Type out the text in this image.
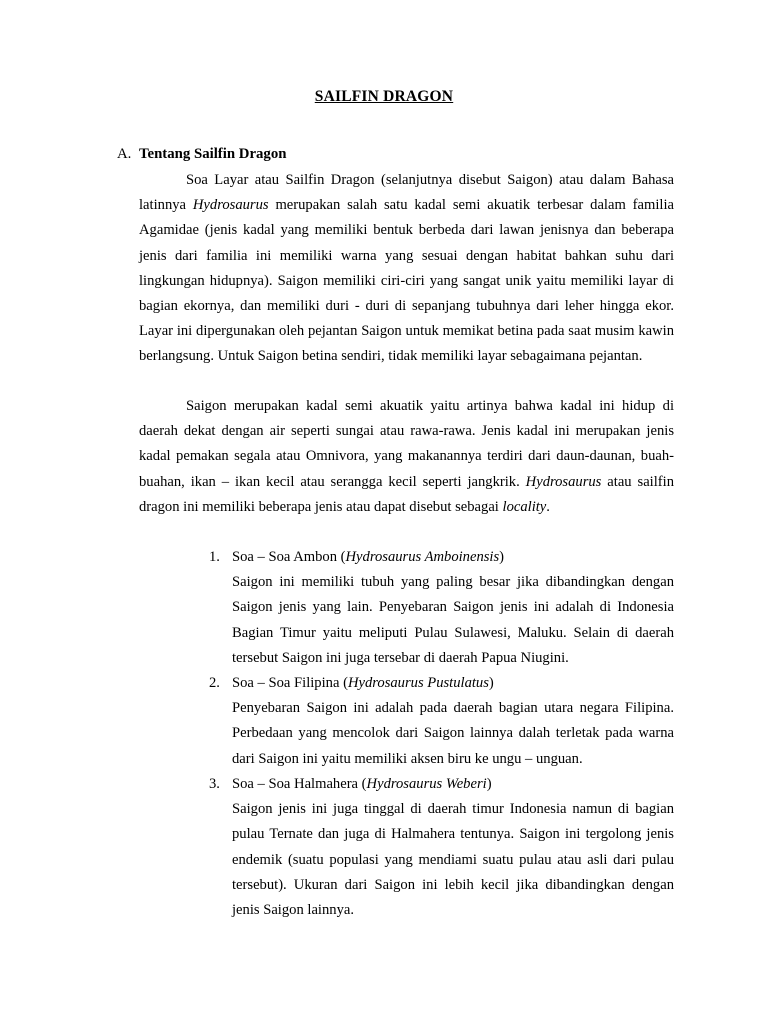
SAILFIN DRAGON
A. Tentang Sailfin Dragon
Soa Layar atau Sailfin Dragon (selanjutnya disebut Saigon) atau dalam Bahasa latinnya Hydrosaurus merupakan salah satu kadal semi akuatik terbesar dalam familia Agamidae (jenis kadal yang memiliki bentuk berbeda dari lawan jenisnya dan beberapa jenis dari familia ini memiliki warna yang sesuai dengan habitat bahkan suhu dari lingkungan hidupnya). Saigon memiliki ciri-ciri yang sangat unik yaitu memiliki layar di bagian ekornya, dan memiliki duri - duri di sepanjang tubuhnya dari leher hingga ekor. Layar ini dipergunakan oleh pejantan Saigon untuk memikat betina pada saat musim kawin berlangsung. Untuk Saigon betina sendiri, tidak memiliki layar sebagaimana pejantan.
Saigon merupakan kadal semi akuatik yaitu artinya bahwa kadal ini hidup di daerah dekat dengan air seperti sungai atau rawa-rawa. Jenis kadal ini merupakan jenis kadal pemakan segala atau Omnivora, yang makanannya terdiri dari daun-daunan, buah-buahan, ikan – ikan kecil atau serangga kecil seperti jangkrik. Hydrosaurus atau sailfin dragon ini memiliki beberapa jenis atau dapat disebut sebagai locality.
1. Soa – Soa Ambon (Hydrosaurus Amboinensis)
Saigon ini memiliki tubuh yang paling besar jika dibandingkan dengan Saigon jenis yang lain. Penyebaran Saigon jenis ini adalah di Indonesia Bagian Timur yaitu meliputi Pulau Sulawesi, Maluku. Selain di daerah tersebut Saigon ini juga tersebar di daerah Papua Niugini.
2. Soa – Soa Filipina (Hydrosaurus Pustulatus)
Penyebaran Saigon ini adalah pada daerah bagian utara negara Filipina. Perbedaan yang mencolok dari Saigon lainnya dalah terletak pada warna dari Saigon ini yaitu memiliki aksen biru ke ungu – unguan.
3. Soa – Soa Halmahera (Hydrosaurus Weberi)
Saigon jenis ini juga tinggal di daerah timur Indonesia namun di bagian pulau Ternate dan juga di Halmahera tentunya. Saigon ini tergolong jenis endemik (suatu populasi yang mendiami suatu pulau atau asli dari pulau tersebut). Ukuran dari Saigon ini lebih kecil jika dibandingkan dengan jenis Saigon lainnya.
